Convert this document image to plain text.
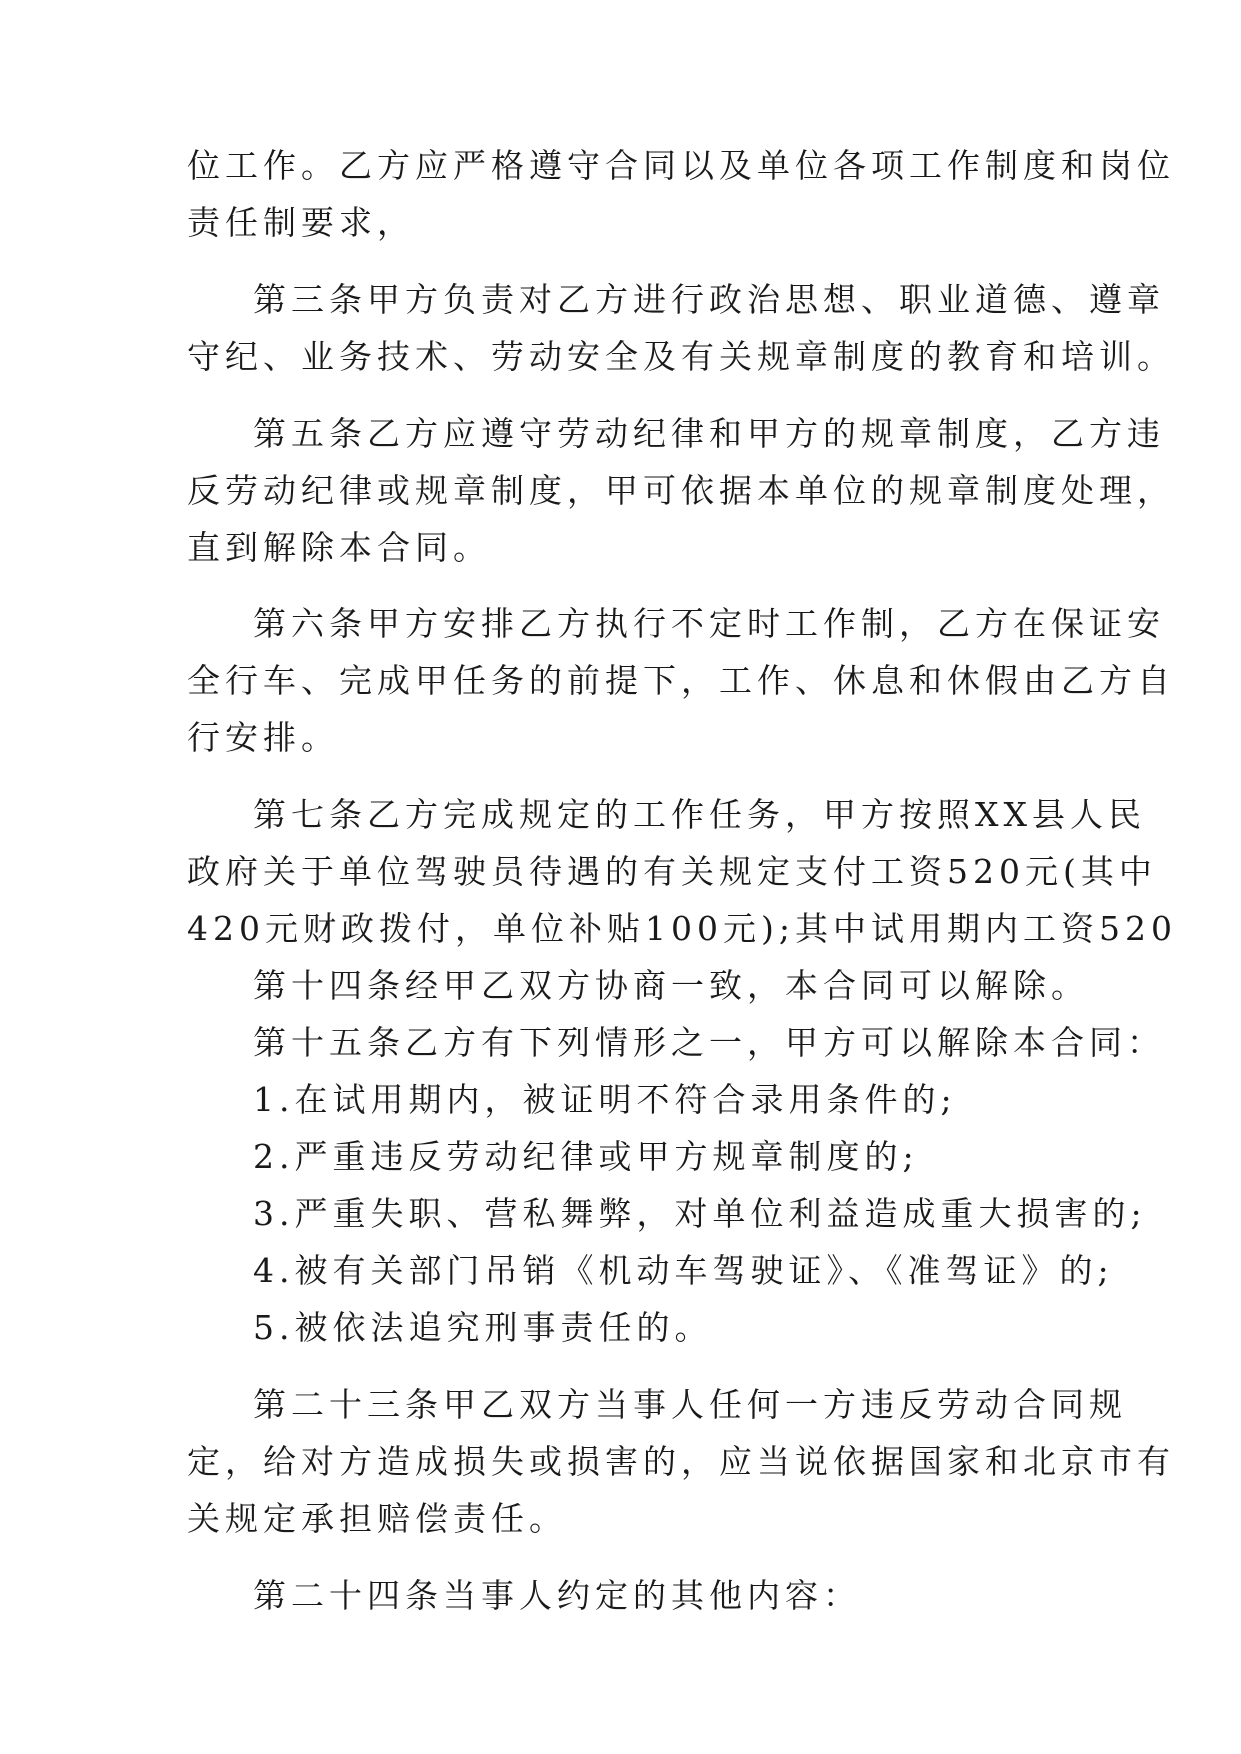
位工作。乙方应严格遵守合同以及单位各项工作制度和岗位

责任制要求，

第三条甲方负责对乙方进行政治思想、职业道德、遵章

守纪、业务技术、劳动安全及有关规章制度的教育和培训。

第五条乙方应遵守劳动纪律和甲方的规章制度，乙方违

反劳动纪律或规章制度，甲可依据本单位的规章制度处理，

直到解除本合同。

第六条甲方安排乙方执行不定时工作制，乙方在保证安

全行车、完成甲任务的前提下，工作、休息和休假由乙方自

行安排。

第七条乙方完成规定的工作任务，甲方按照XX县人民

政府关于单位驾驶员待遇的有关规定支付工资520元(其中

420元财政拨付，单位补贴100元);其中试用期内工资520

第十四条经甲乙双方协商一致，本合同可以解除。

第十五条乙方有下列情形之一，甲方可以解除本合同：

1.在试用期内，被证明不符合录用条件的;

2.严重违反劳动纪律或甲方规章制度的;

3.严重失职、营私舞弊，对单位利益造成重大损害的;

4.被有关部门吊销《机动车驾驶证》、《准驾证》的;

5.被依法追究刑事责任的。

第二十三条甲乙双方当事人任何一方违反劳动合同规

定，给对方造成损失或损害的，应当说依据国家和北京市有

关规定承担赔偿责任。

第二十四条当事人约定的其他内容：
